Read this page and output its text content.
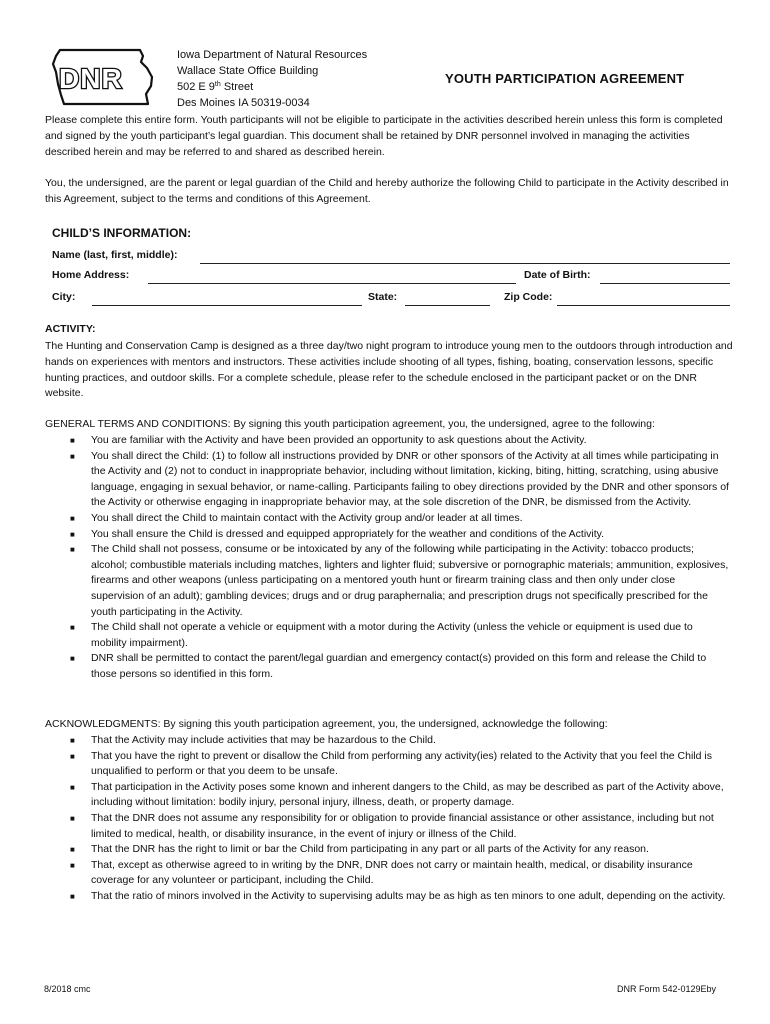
DNR
Iowa Department of Natural Resources
Wallace State Office Building
502 E 9th Street
Des Moines IA 50319-0034
YOUTH PARTICIPATION AGREEMENT
Please complete this entire form. Youth participants will not be eligible to participate in the activities described herein unless this form is completed and signed by the youth participant’s legal guardian. This document shall be retained by DNR personnel involved in managing the activities described herein and may be referred to and shared as described herein.
You, the undersigned, are the parent or legal guardian of the Child and hereby authorize the following Child to participate in the Activity described in this Agreement, subject to the terms and conditions of this Agreement.
CHILD’S INFORMATION:
Name (last, first, middle):
Home Address:	Date of Birth:
City:	State:	Zip Code:
ACTIVITY:
The Hunting and Conservation Camp is designed as a three day/two night program to introduce young men to the outdoors through introduction and hands on experiences with mentors and instructors. These activities include shooting of all types, fishing, boating, conservation lessons, specific hunting practices, and outdoor skills. For a complete schedule, please refer to the schedule enclosed in the participant packet or on the DNR website.
GENERAL TERMS AND CONDITIONS: By signing this youth participation agreement, you, the undersigned, agree to the following:
■ You are familiar with the Activity and have been provided an opportunity to ask questions about the Activity.
■ You shall direct the Child: (1) to follow all instructions provided by DNR or other sponsors of the Activity at all times while participating in the Activity and (2) not to conduct in inappropriate behavior, including without limitation, kicking, biting, hitting, scratching, using abusive language, engaging in sexual behavior, or name-calling. Participants failing to obey directions provided by the DNR and other sponsors of the Activity or otherwise engaging in inappropriate behavior may, at the sole discretion of the DNR, be dismissed from the Activity.
■ You shall direct the Child to maintain contact with the Activity group and/or leader at all times.
■ You shall ensure the Child is dressed and equipped appropriately for the weather and conditions of the Activity.
■ The Child shall not possess, consume or be intoxicated by any of the following while participating in the Activity: tobacco products; alcohol; combustible materials including matches, lighters and lighter fluid; subversive or pornographic materials; ammunition, explosives, firearms and other weapons (unless participating on a mentored youth hunt or firearm training class and then only under close supervision of an adult); gambling devices; drugs and or drug paraphernalia; and prescription drugs not specifically prescribed for the youth participating in the Activity.
■ The Child shall not operate a vehicle or equipment with a motor during the Activity (unless the vehicle or equipment is used due to mobility impairment).
■ DNR shall be permitted to contact the parent/legal guardian and emergency contact(s) provided on this form and release the Child to those persons so identified in this form.
ACKNOWLEDGMENTS: By signing this youth participation agreement, you, the undersigned, acknowledge the following:
■ That the Activity may include activities that may be hazardous to the Child.
■ That you have the right to prevent or disallow the Child from performing any activity(ies) related to the Activity that you feel the Child is unqualified to perform or that you deem to be unsafe.
■ That participation in the Activity poses some known and inherent dangers to the Child, as may be described as part of the Activity above, including without limitation: bodily injury, personal injury, illness, death, or property damage.
■ That the DNR does not assume any responsibility for or obligation to provide financial assistance or other assistance, including but not limited to medical, health, or disability insurance, in the event of injury or illness of the Child.
■ That the DNR has the right to limit or bar the Child from participating in any part or all parts of the Activity for any reason.
■ That, except as otherwise agreed to in writing by the DNR, DNR does not carry or maintain health, medical, or disability insurance coverage for any volunteer or participant, including the Child.
■ That the ratio of minors involved in the Activity to supervising adults may be as high as ten minors to one adult, depending on the activity.
8/2018 cmc	DNR Form 542-0129Eby
